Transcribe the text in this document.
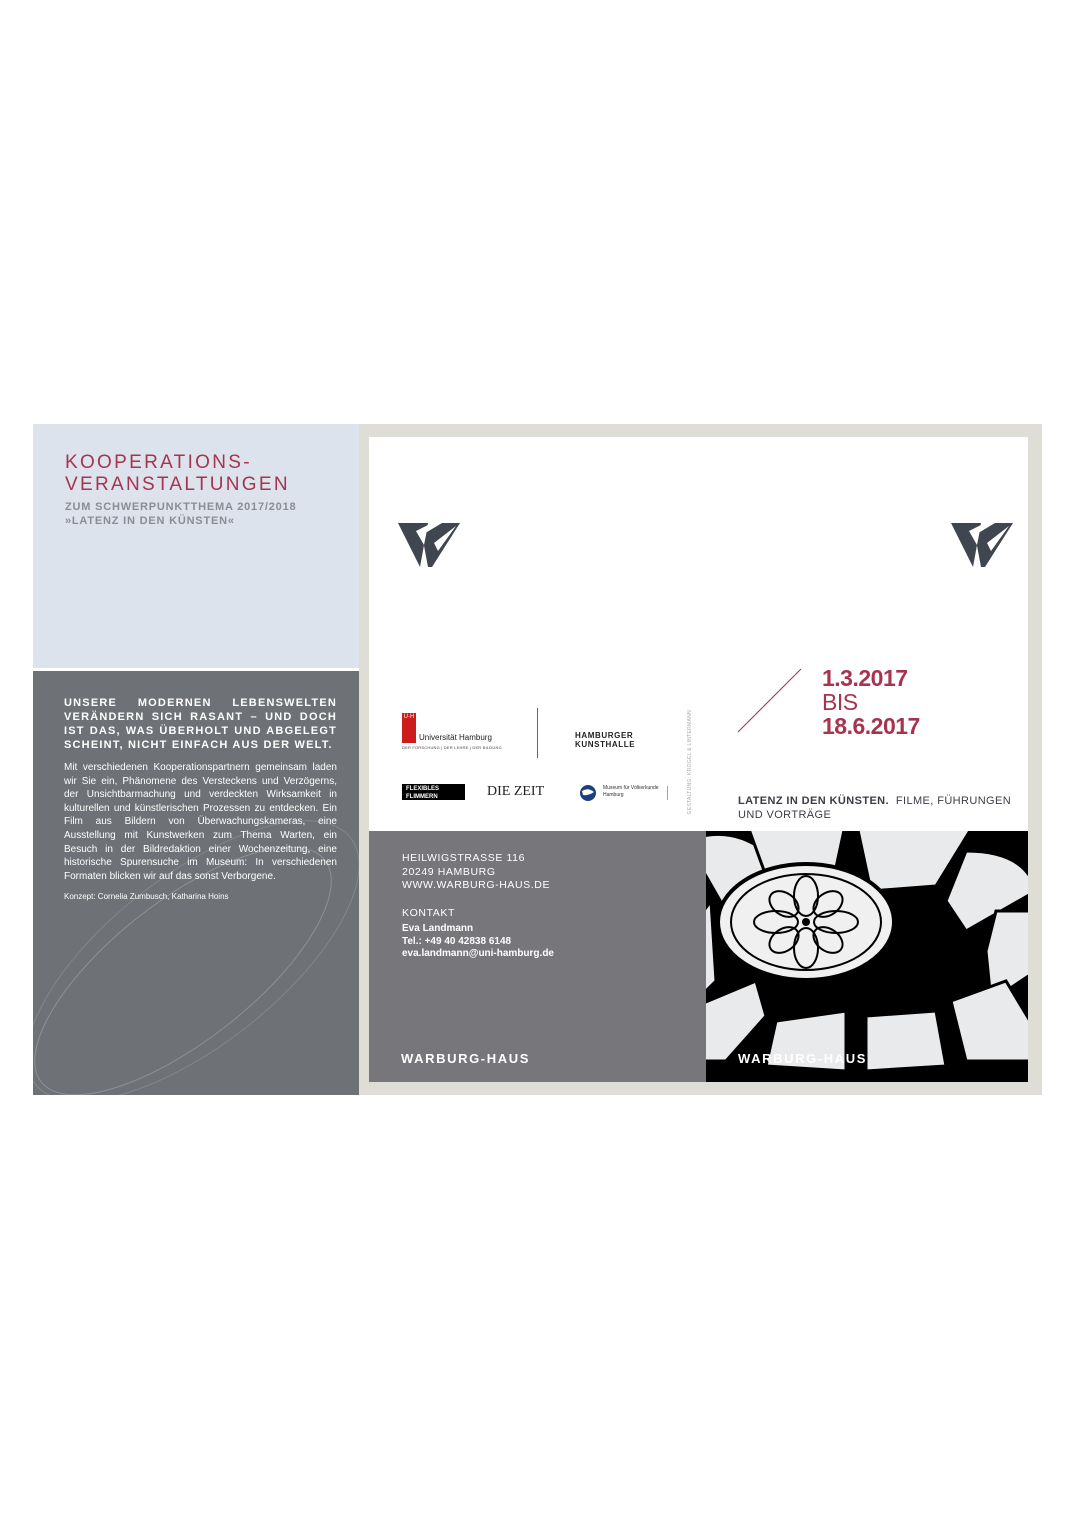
KOOPERATIONS-
VERANSTALTUNGEN
ZUM SCHWERPUNKTTHEMA 2017/2018
»LATENZ IN DEN KÜNSTEN«
UNSERE MODERNEN LEBENSWELTEN VERÄNDERN SICH RASANT – UND DOCH IST DAS, WAS ÜBERHOLT UND ABGELEGT SCHEINT, NICHT EINFACH AUS DER WELT.
Mit verschiedenen Kooperationspartnern gemeinsam laden wir Sie ein, Phänomene des Versteckens und Verzögerns, der Unsichtbarmachung und verdeckten Wirksamkeit in kulturellen und künstlerischen Prozessen zu entdecken. Ein Film aus Bildern von Überwachungskameras, eine Ausstellung mit Kunstwerken zum Thema Warten, ein Besuch in der Bildredaktion einer Wochenzeitung, eine historische Spurensuche im Museum: In verschiedenen Formaten blicken wir auf das sonst Verborgene.
Konzept: Cornelia Zumbusch, Katharina Hoins
U·H
Universität Hamburg
DER FORSCHUNG | DER LEHRE | DER BILDUNG
HAMBURGER
KUNSTHALLE
FLEXIBLES FLIMMERN	DIE ZEIT	Museum für Völkerkunde
Hamburg	GESTALTUNG: KROGEL & LINTERMANN
1.3.2017
BIS
18.6.2017
LATENZ IN DEN KÜNSTEN. FILME, FÜHRUNGEN UND VORTRÄGE
HEILWIGSTRASSE 116
20249 HAMBURG
WWW.WARBURG-HAUS.DE
KONTAKT
Eva Landmann
Tel.: +49 40 42838 6148
eva.landmann@uni-hamburg.de
WARBURG-HAUS	WARBURG-HAUS
